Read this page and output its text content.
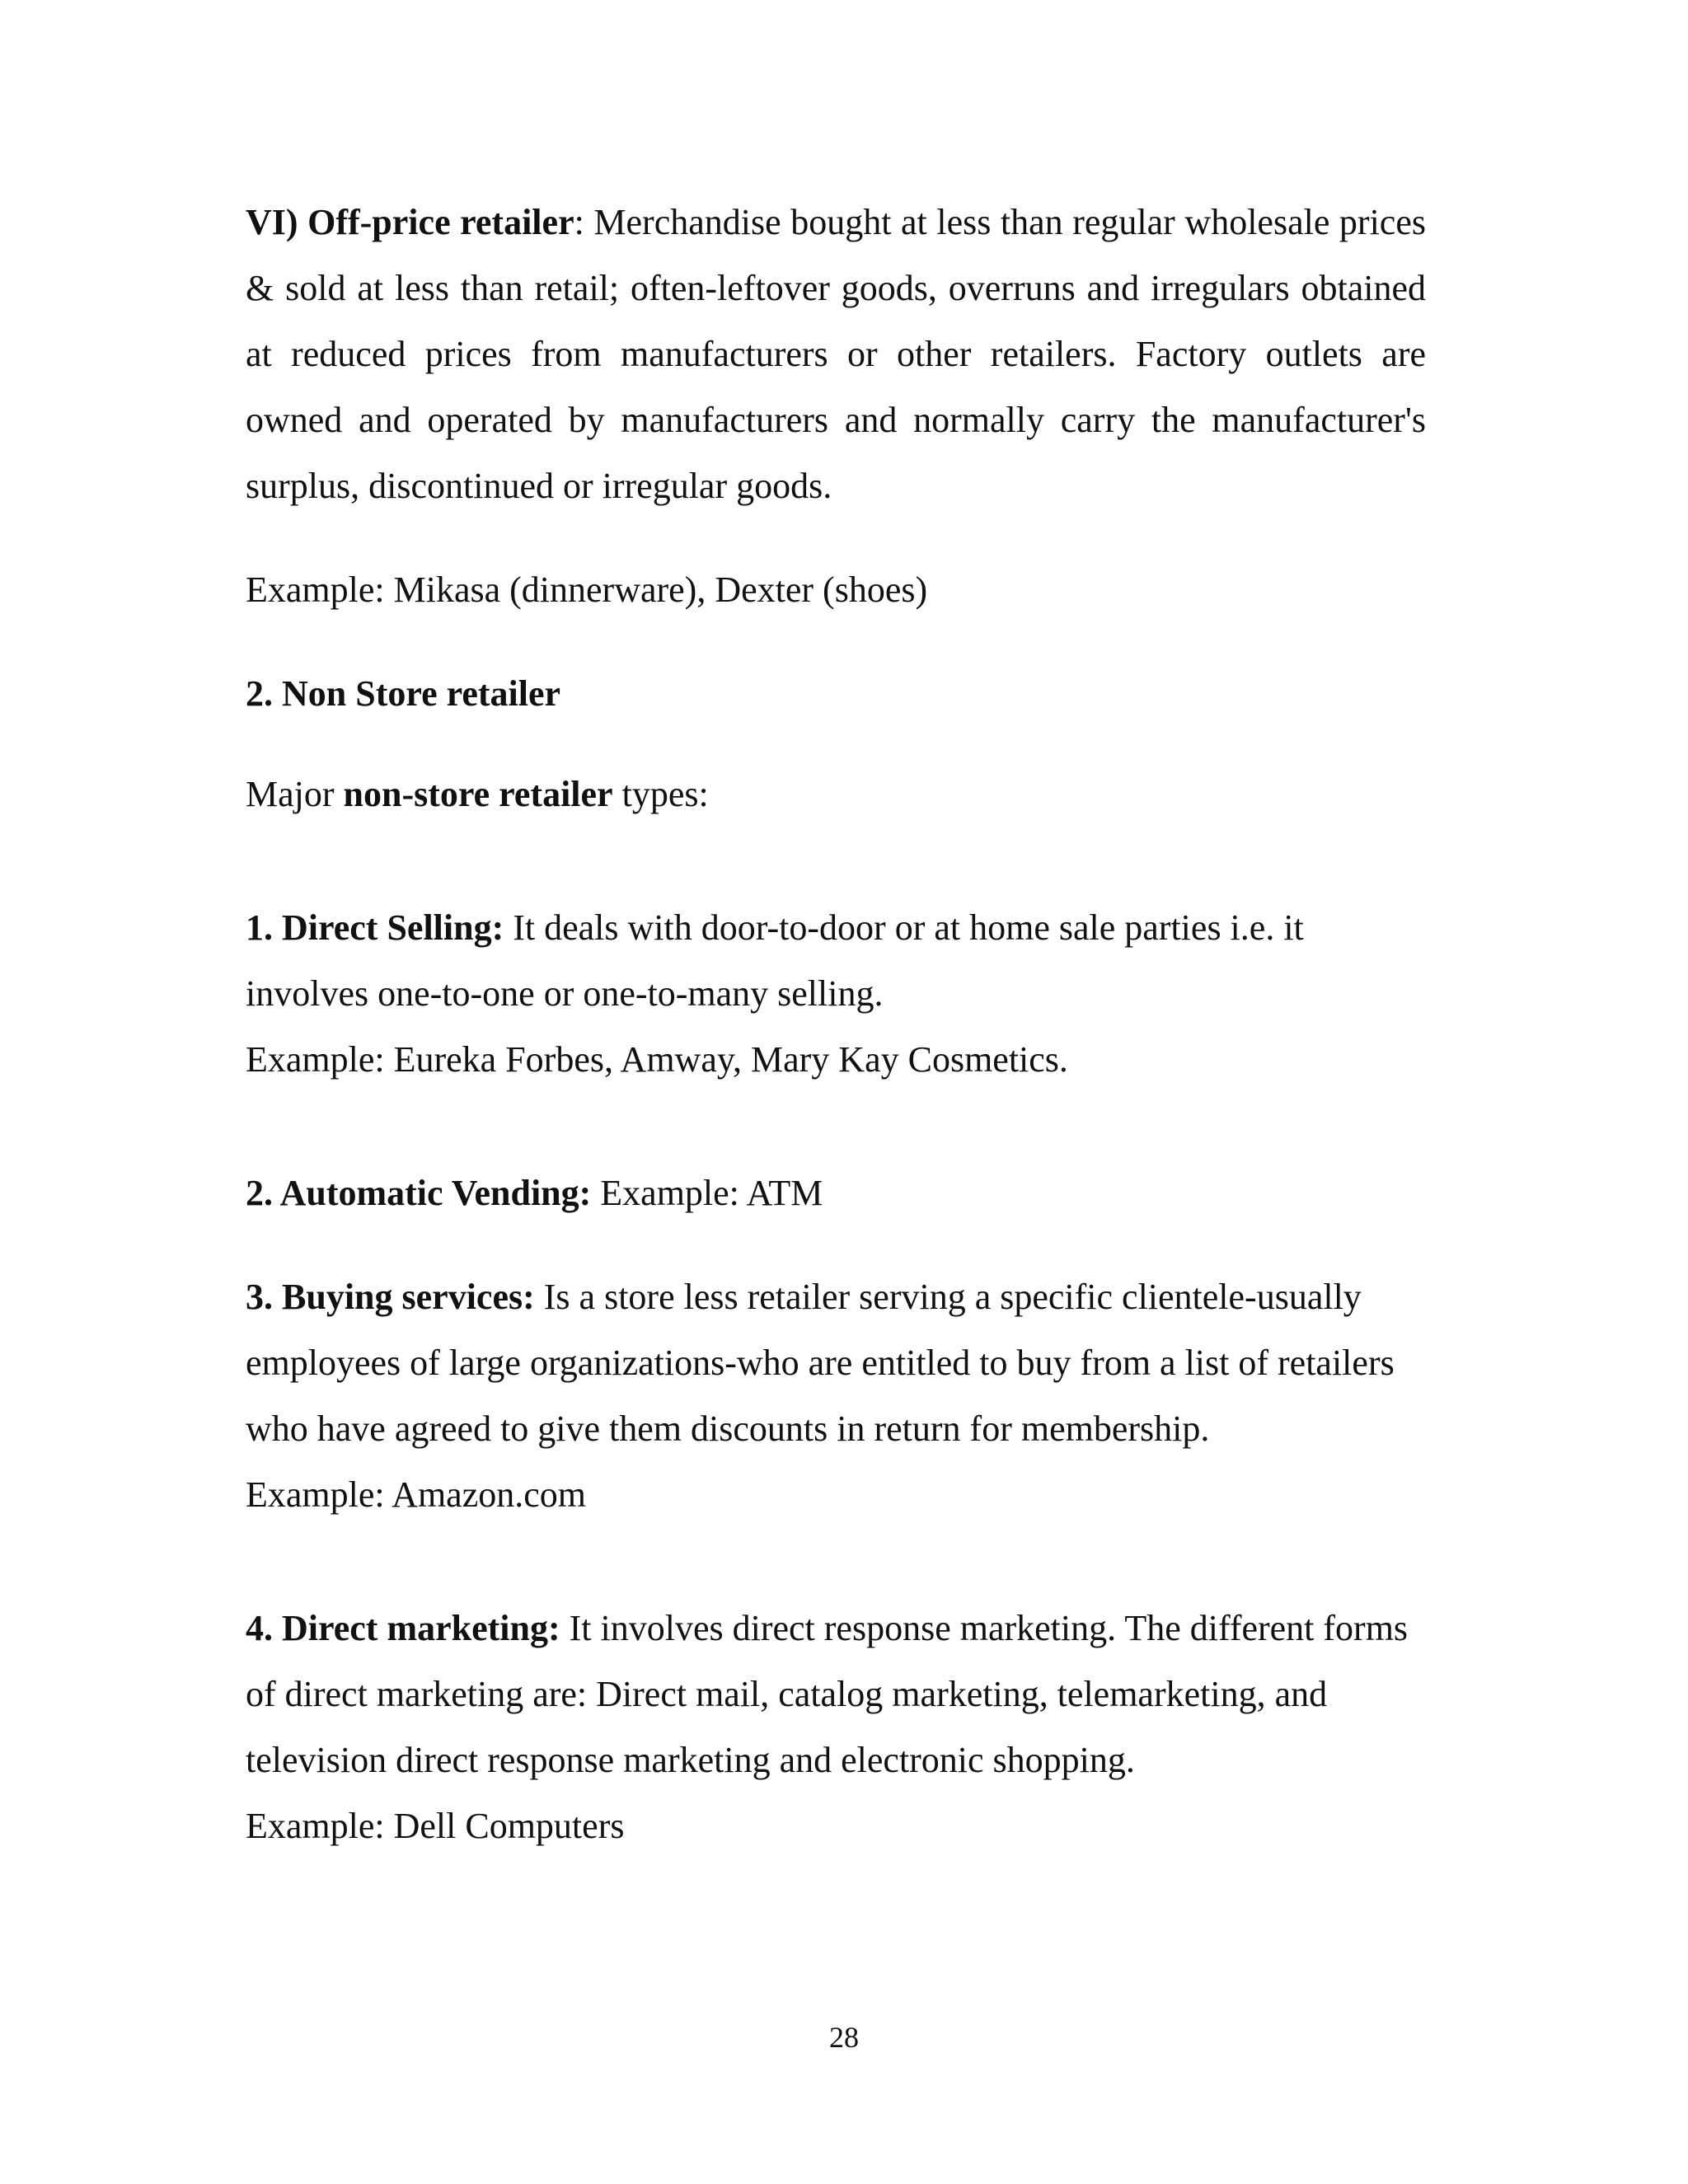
VI) Off-price retailer: Merchandise bought at less than regular wholesale prices & sold at less than retail; often-leftover goods, overruns and irregulars obtained at reduced prices from manufacturers or other retailers. Factory outlets are owned and operated by manufacturers and normally carry the manufacturer's surplus, discontinued or irregular goods.

Example: Mikasa (dinnerware), Dexter (shoes)

2. Non Store retailer

Major non-store retailer types:

1. Direct Selling: It deals with door-to-door or at home sale parties i.e. it involves one-to-one or one-to-many selling.

Example: Eureka Forbes, Amway, Mary Kay Cosmetics.

2. Automatic Vending: Example: ATM

3. Buying services: Is a store less retailer serving a specific clientele-usually employees of large organizations-who are entitled to buy from a list of retailers who have agreed to give them discounts in return for membership.

Example: Amazon.com

4. Direct marketing: It involves direct response marketing. The different forms of direct marketing are: Direct mail, catalog marketing, telemarketing, and television direct response marketing and electronic shopping.

Example: Dell Computers

28
